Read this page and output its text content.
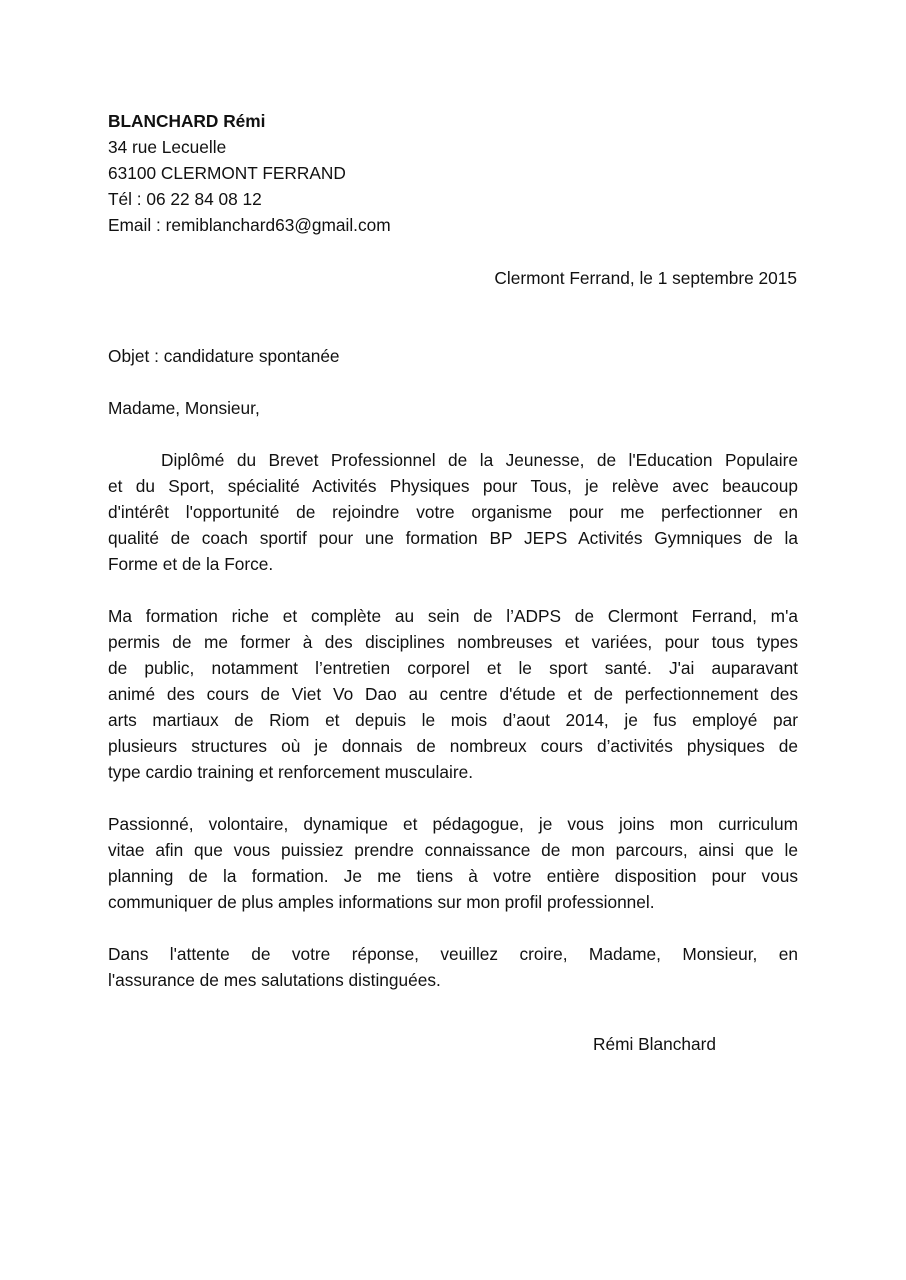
BLANCHARD Rémi
34 rue Lecuelle
63100 CLERMONT FERRAND
Tél : 06 22 84 08 12
Email : remiblanchard63@gmail.com
Clermont Ferrand, le 1 septembre 2015
Objet : candidature spontanée
Madame, Monsieur,
Diplômé du Brevet Professionnel de la Jeunesse, de l'Education Populaire
et du Sport, spécialité Activités Physiques pour Tous, je relève avec beaucoup
d'intérêt l'opportunité de rejoindre votre organisme pour me perfectionner en
qualité de coach sportif pour une formation BP JEPS Activités Gymniques de la
Forme et de la Force.
Ma formation riche et complète au sein de l’ADPS de Clermont Ferrand, m'a
permis de me former à des disciplines nombreuses et variées, pour tous types
de public, notamment l’entretien corporel et le sport santé. J'ai auparavant
animé des cours de Viet Vo Dao au centre d'étude et de perfectionnement des
arts martiaux de Riom et depuis le mois d’aout 2014, je fus employé par
plusieurs structures où je donnais de nombreux cours d’activités physiques de
type cardio training et renforcement musculaire.
Passionné, volontaire, dynamique et pédagogue, je vous joins mon curriculum
vitae afin que vous puissiez prendre connaissance de mon parcours, ainsi que le
planning de la formation. Je me tiens à votre entière disposition pour vous
communiquer de plus amples informations sur mon profil professionnel.
Dans l'attente de votre réponse, veuillez croire, Madame, Monsieur, en
l'assurance de mes salutations distinguées.
Rémi Blanchard
